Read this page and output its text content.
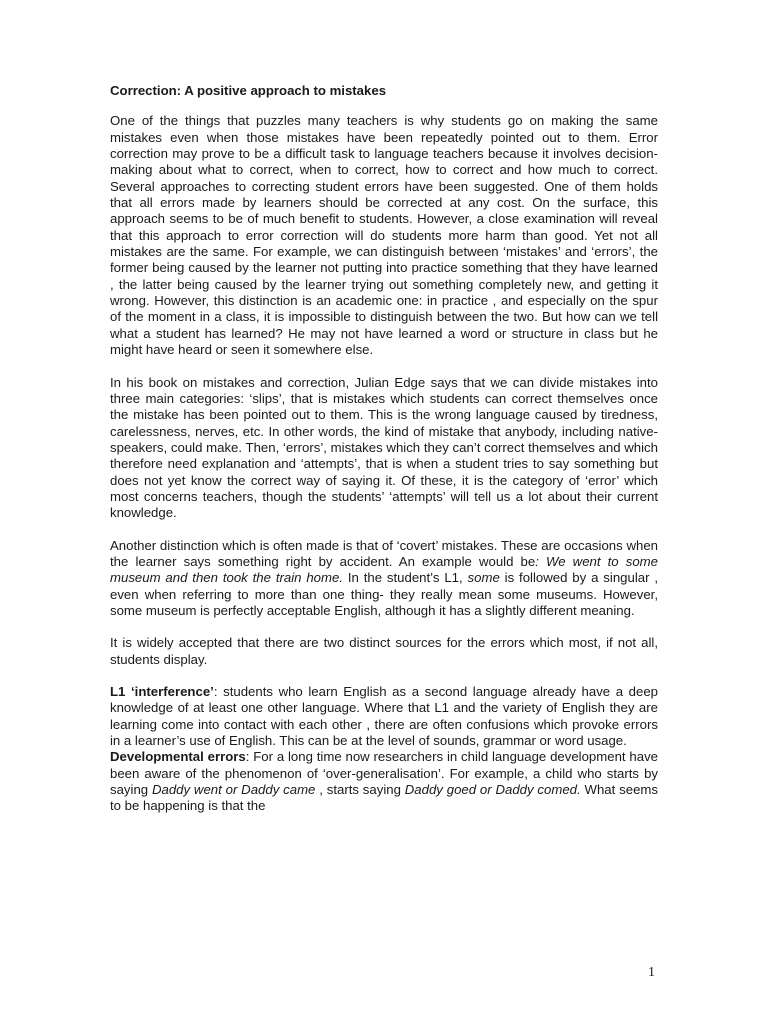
Correction: A positive approach to mistakes

One of the things that puzzles many teachers is why students go on making the same mistakes even when those mistakes have been repeatedly pointed out to them. Error correction may prove to be a difficult task to language teachers because it involves decision-making about what to correct, when to correct, how to correct and how much to correct. Several approaches to correcting student errors have been suggested. One of them holds that all errors made by learners should be corrected at any cost. On the surface, this approach seems to be of much benefit to students. However, a close examination will reveal that this approach to error correction will do students more harm than good. Yet not all mistakes are the same. For example, we can distinguish between ‘mistakes’ and ‘errors’, the former being caused by the learner not putting into practice something that they have learned , the latter being caused by the learner trying out something completely new, and getting it wrong. However, this distinction is an academic one: in practice , and especially on the spur of the moment in a class, it is impossible to distinguish between the two. But how can we tell what a student has learned? He may not have learned a word or structure in class but he might have heard or seen it somewhere else.

In his book on mistakes and correction, Julian Edge says that we can divide mistakes into three main categories: ‘slips’, that is mistakes which students can correct themselves once the mistake has been pointed out to them. This is the wrong language caused by tiredness, carelessness, nerves, etc. In other words, the kind of mistake that anybody, including native-speakers, could make. Then, ‘errors’, mistakes which they can’t correct themselves and which therefore need explanation and ‘attempts’, that is when a student tries to say something but does not yet know the correct way of saying it. Of these, it is the category of ‘error’ which most concerns teachers, though the students’ ‘attempts’ will tell us a lot about their current knowledge.

Another distinction which is often made is that of ‘covert’ mistakes. These are occasions when the learner says something right by accident. An example would be: We went to some museum and then took the train home. In the student’s L1, some is followed by a singular , even when referring to more than one thing- they really mean some museums. However, some museum is perfectly acceptable English, although it has a slightly different meaning.

It is widely accepted that there are two distinct sources for the errors which most, if not all, students display.

L1 ‘interference’: students who learn English as a second language already have a deep knowledge of at least one other language. Where that L1 and the variety of English they are learning come into contact with each other , there are often confusions which provoke errors in a learner’s use of English. This can be at the level of sounds, grammar or word usage.

Developmental errors: For a long time now researchers in child language development have been aware of the phenomenon of ‘over-generalisation’. For example, a child who starts by saying Daddy went or Daddy came , starts saying Daddy goed or Daddy comed. What seems to be happening is that the

1
